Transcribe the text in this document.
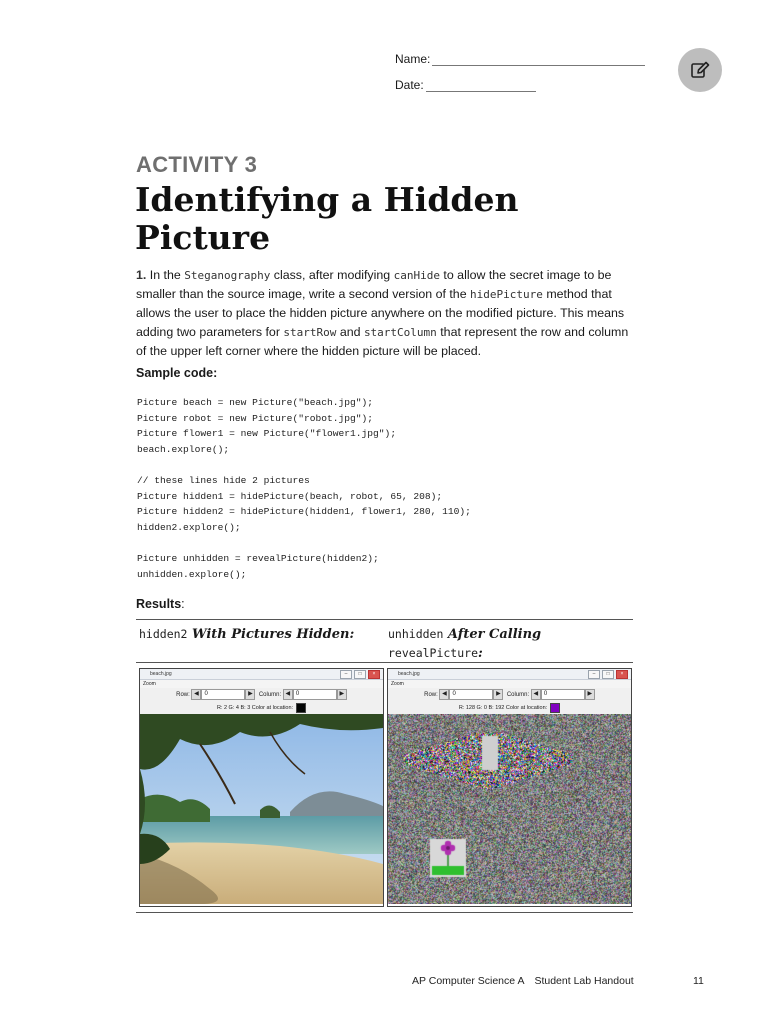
Name:
Date:
ACTIVITY 3
Identifying a Hidden Picture
1. In the Steganography class, after modifying canHide to allow the secret image to be smaller than the source image, write a second version of the hidePicture method that allows the user to place the hidden picture anywhere on the modified picture. This means adding two parameters for startRow and startColumn that represent the row and column of the upper left corner where the hidden picture will be placed.
Sample code:
Picture beach = new Picture("beach.jpg");
Picture robot = new Picture("robot.jpg");
Picture flower1 = new Picture("flower1.jpg");
beach.explore();
// these lines hide 2 pictures
Picture hidden1 = hidePicture(beach, robot, 65, 208);
Picture hidden2 = hidePicture(hidden1, flower1, 280, 110);
hidden2.explore();
Picture unhidden = revealPicture(hidden2);
unhidden.explore();
Results:
hidden2 With Pictures Hidden:	unhidden After Calling
revealPicture:
beach.jpg	–	□	×
Zoom
Row: ◀ 0	▶ Column: ◀ 0	▶
R: 2 G: 4 B: 3 Color at location:
beach.jpg	–	□	×
Zoom
Row: ◀ 0	▶ Column: ◀ 0	▶
R: 128 G: 0 B: 192 Color at location:
AP Computer Science A Student Lab Handout	11
